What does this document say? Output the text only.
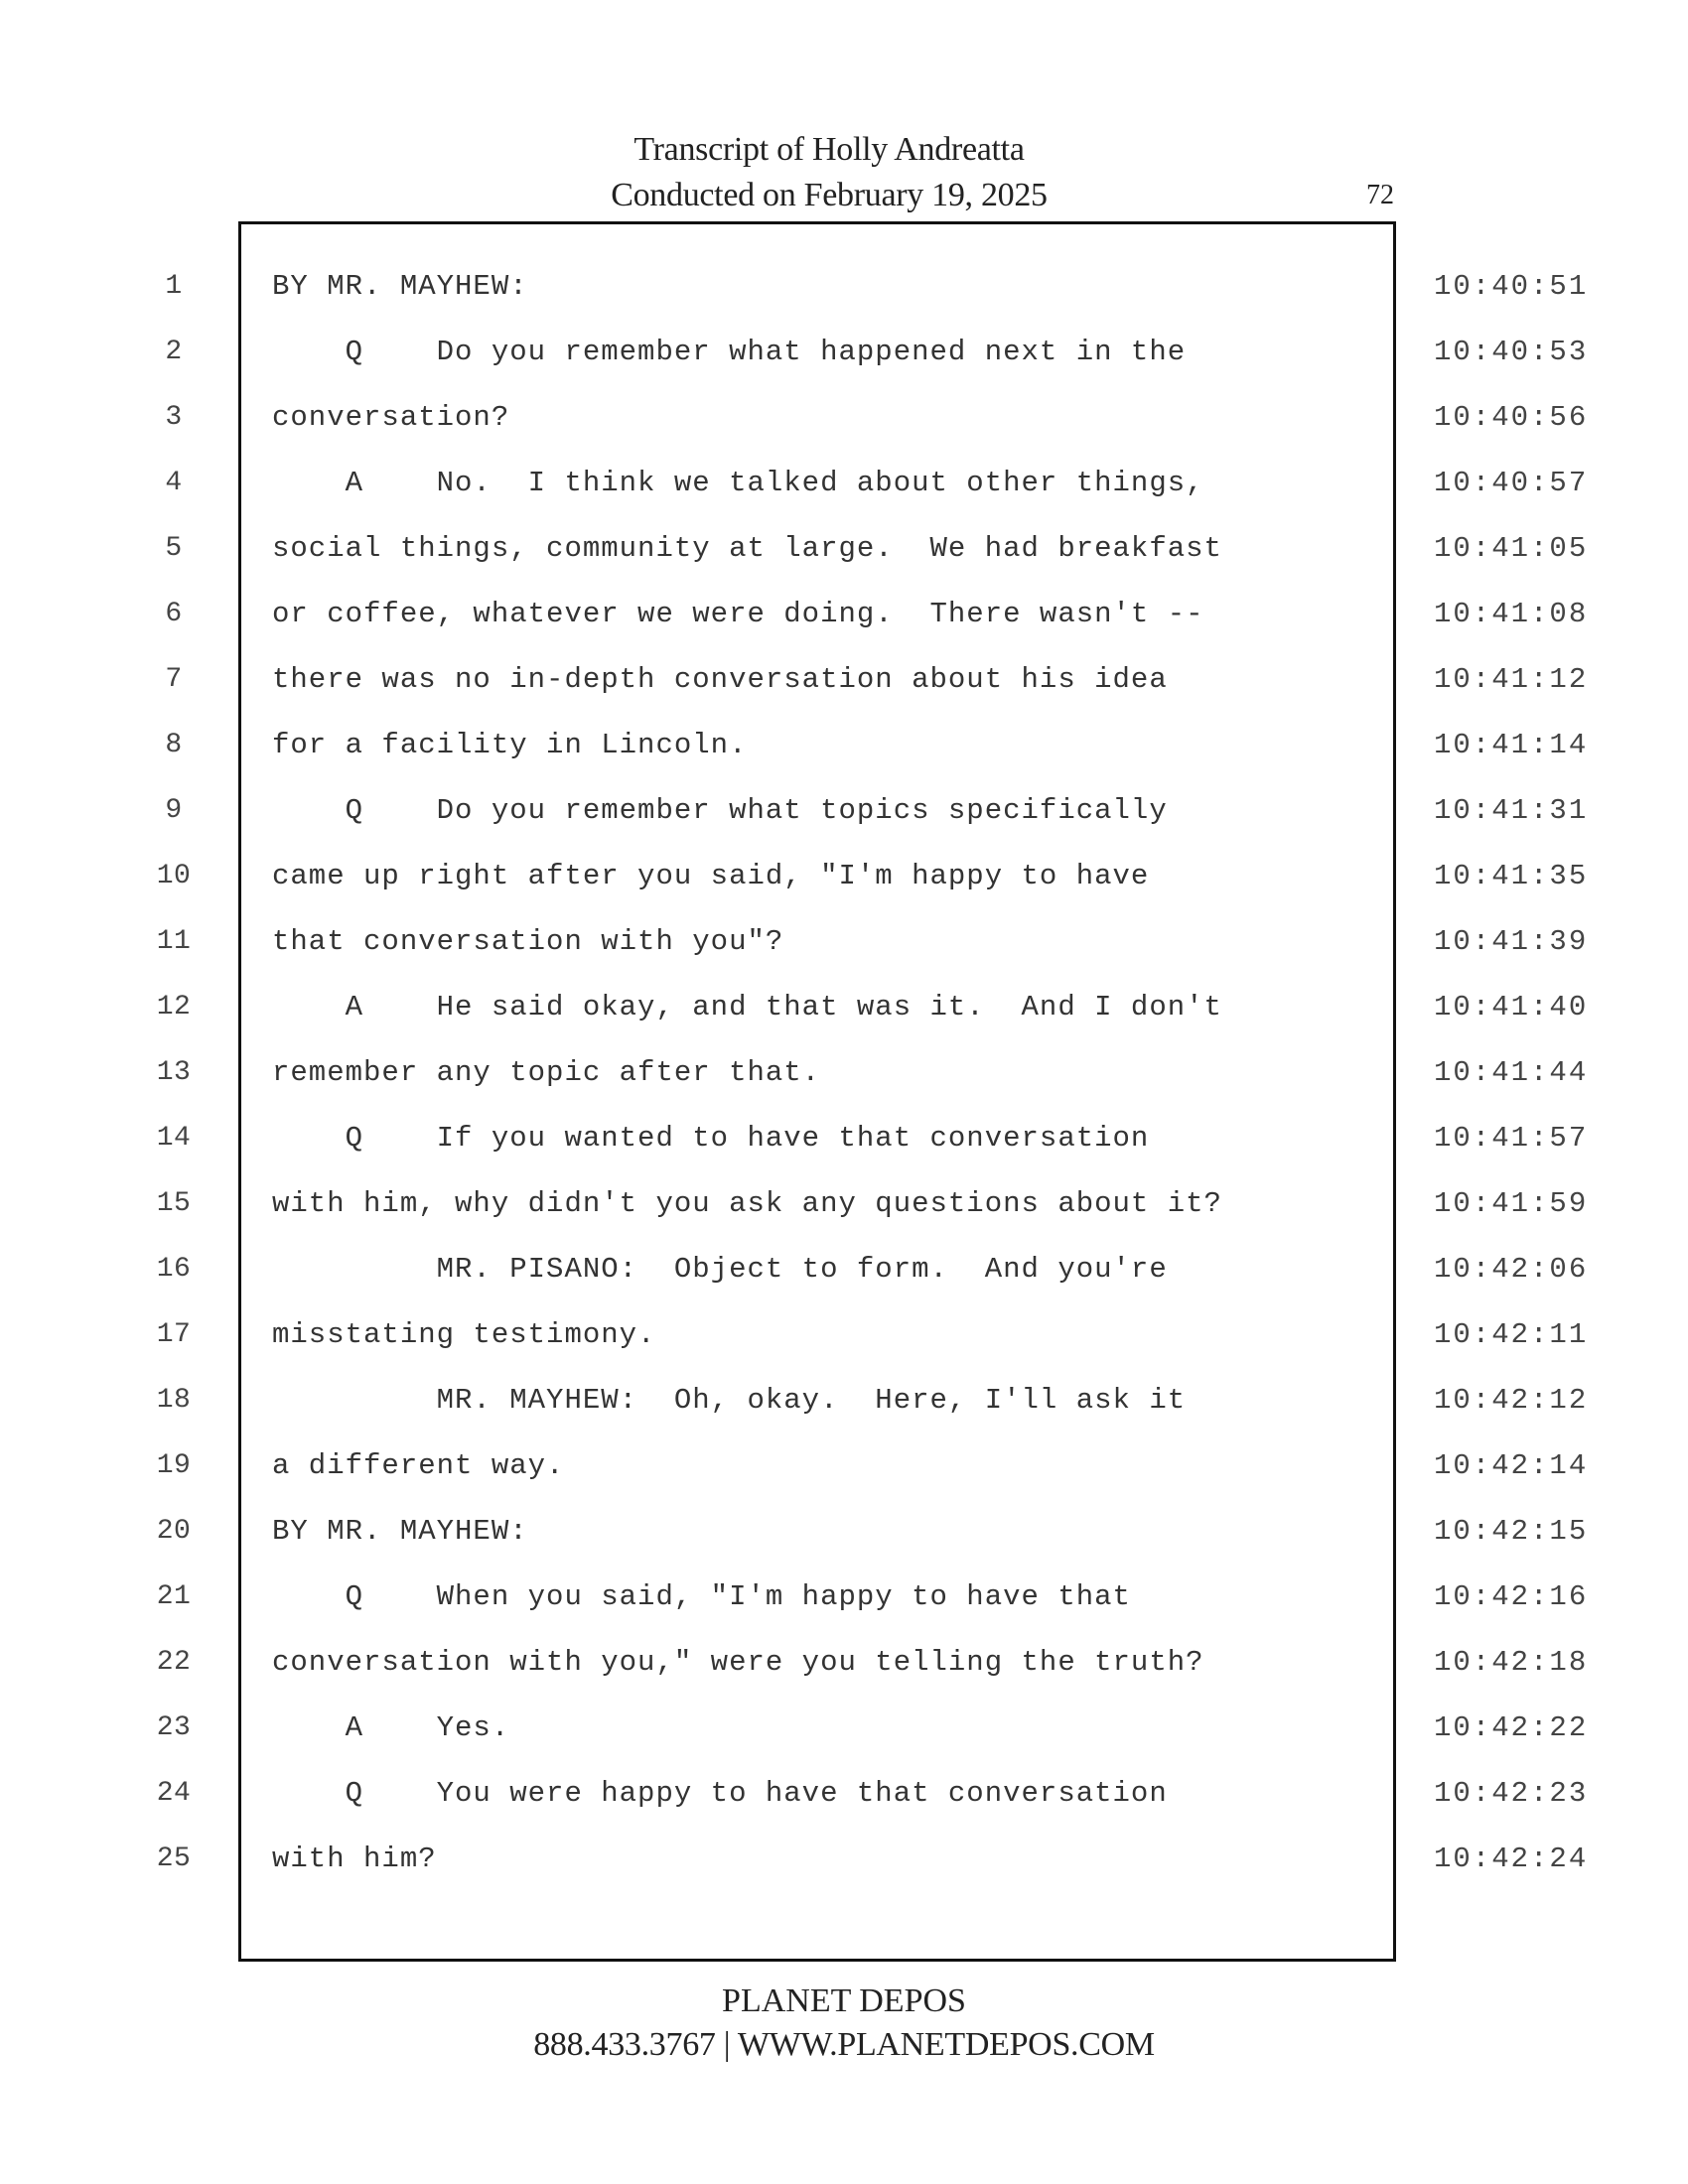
Transcript of Holly Andreatta
Conducted on February 19, 2025	72
1	BY MR. MAYHEW:	10:40:51
2	Q    Do you remember what happened next in the	10:40:53
3	conversation?	10:40:56
4	A    No.  I think we talked about other things,	10:40:57
5	social things, community at large.  We had breakfast	10:41:05
6	or coffee, whatever we were doing.  There wasn't --	10:41:08
7	there was no in-depth conversation about his idea	10:41:12
8	for a facility in Lincoln.	10:41:14
9	Q    Do you remember what topics specifically	10:41:31
10	came up right after you said, "I'm happy to have	10:41:35
11	that conversation with you"?	10:41:39
12	A    He said okay, and that was it.  And I don't	10:41:40
13	remember any topic after that.	10:41:44
14	Q    If you wanted to have that conversation	10:41:57
15	with him, why didn't you ask any questions about it?	10:41:59
16	MR. PISANO:  Object to form.  And you're	10:42:06
17	misstating testimony.	10:42:11
18	MR. MAYHEW:  Oh, okay.  Here, I'll ask it	10:42:12
19	a different way.	10:42:14
20	BY MR. MAYHEW:	10:42:15
21	Q    When you said, "I'm happy to have that	10:42:16
22	conversation with you," were you telling the truth?	10:42:18
23	A    Yes.	10:42:22
24	Q    You were happy to have that conversation	10:42:23
25	with him?	10:42:24
PLANET DEPOS
888.433.3767 | WWW.PLANETDEPOS.COM
